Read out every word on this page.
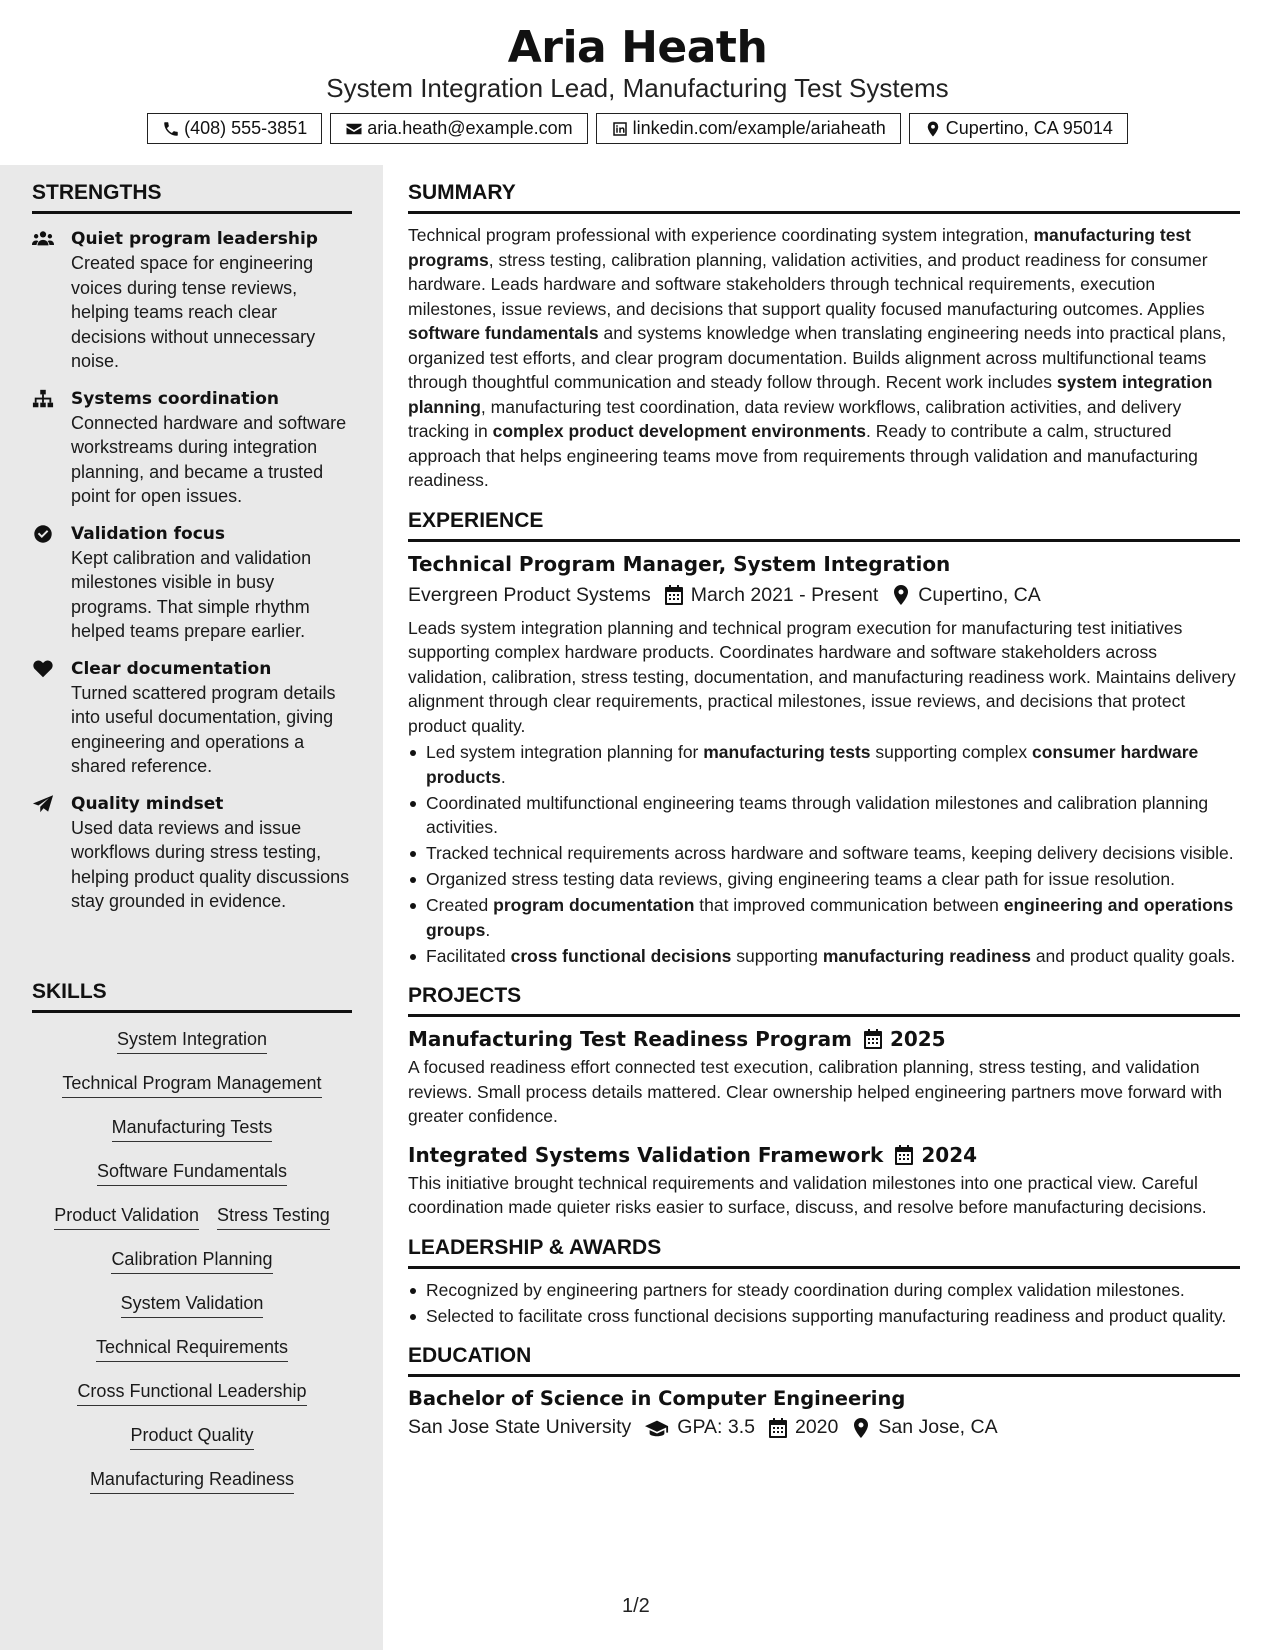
Aria Heath
System Integration Lead, Manufacturing Test Systems
(408) 555-3851	aria.heath@example.com	linkedin.com/example/ariaheath	Cupertino, CA 95014
STRENGTHS
Quiet program leadership
Created space for engineering voices during tense reviews, helping teams reach clear decisions without unnecessary noise.
Systems coordination
Connected hardware and software workstreams during integration planning, and became a trusted point for open issues.
Validation focus
Kept calibration and validation milestones visible in busy programs. That simple rhythm helped teams prepare earlier.
Clear documentation
Turned scattered program details into useful documentation, giving engineering and operations a shared reference.
Quality mindset
Used data reviews and issue workflows during stress testing, helping product quality discussions stay grounded in evidence.
SKILLS
System Integration
Technical Program Management
Manufacturing Tests
Software Fundamentals
Product Validation Stress Testing
Calibration Planning
System Validation
Technical Requirements
Cross Functional Leadership
Product Quality
Manufacturing Readiness
SUMMARY
Technical program professional with experience coordinating system integration, manufacturing test programs, stress testing, calibration planning, validation activities, and product readiness for consumer hardware. Leads hardware and software stakeholders through technical requirements, execution milestones, issue reviews, and decisions that support quality focused manufacturing outcomes. Applies software fundamentals and systems knowledge when translating engineering needs into practical plans, organized test efforts, and clear program documentation. Builds alignment across multifunctional teams through thoughtful communication and steady follow through. Recent work includes system integration planning, manufacturing test coordination, data review workflows, calibration activities, and delivery tracking in complex product development environments. Ready to contribute a calm, structured approach that helps engineering teams move from requirements through validation and manufacturing readiness.
EXPERIENCE
Technical Program Manager, System Integration
Evergreen Product Systems March 2021 - Present Cupertino, CA
Leads system integration planning and technical program execution for manufacturing test initiatives supporting complex hardware products. Coordinates hardware and software stakeholders across validation, calibration, stress testing, documentation, and manufacturing readiness work. Maintains delivery alignment through clear requirements, practical milestones, issue reviews, and decisions that protect product quality.
Led system integration planning for manufacturing tests supporting complex consumer hardware products.
Coordinated multifunctional engineering teams through validation milestones and calibration planning activities.
Tracked technical requirements across hardware and software teams, keeping delivery decisions visible.
Organized stress testing data reviews, giving engineering teams a clear path for issue resolution.
Created program documentation that improved communication between engineering and operations groups.
Facilitated cross functional decisions supporting manufacturing readiness and product quality goals.
PROJECTS
Manufacturing Test Readiness Program 2025
A focused readiness effort connected test execution, calibration planning, stress testing, and validation reviews. Small process details mattered. Clear ownership helped engineering partners move forward with greater confidence.
Integrated Systems Validation Framework 2024
This initiative brought technical requirements and validation milestones into one practical view. Careful coordination made quieter risks easier to surface, discuss, and resolve before manufacturing decisions.
LEADERSHIP & AWARDS
Recognized by engineering partners for steady coordination during complex validation milestones.
Selected to facilitate cross functional decisions supporting manufacturing readiness and product quality.
EDUCATION
Bachelor of Science in Computer Engineering
San Jose State University GPA: 3.5 2020 San Jose, CA
1/2
